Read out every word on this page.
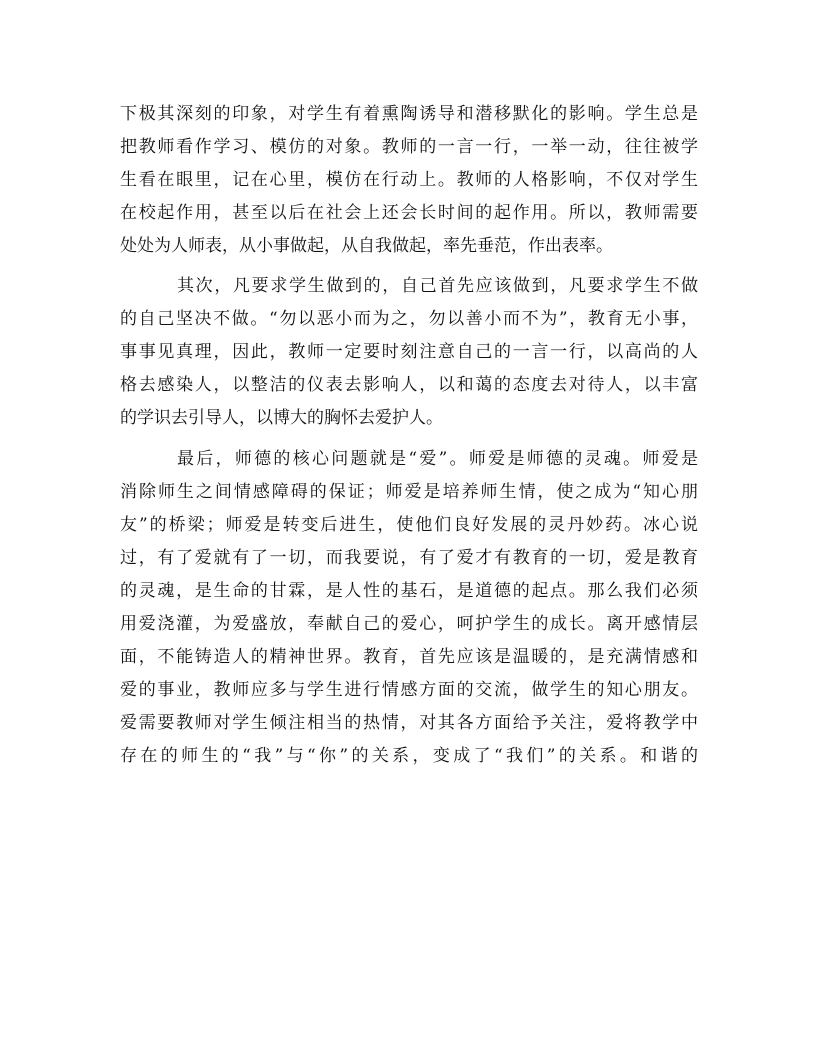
下极其深刻的印象，对学生有着熏陶诱导和潜移默化的影响。学生总是
把教师看作学习、模仿的对象。教师的一言一行，一举一动，往往被学
生看在眼里，记在心里，模仿在行动上。教师的人格影响，不仅对学生
在校起作用，甚至以后在社会上还会长时间的起作用。所以，教师需要
处处为人师表，从小事做起，从自我做起，率先垂范，作出表率。
其次，凡要求学生做到的，自己首先应该做到，凡要求学生不做
的自己坚决不做。“勿以恶小而为之，勿以善小而不为”，教育无小事，
事事见真理，因此，教师一定要时刻注意自己的一言一行，以高尚的人
格去感染人，以整洁的仪表去影响人，以和蔼的态度去对待人，以丰富
的学识去引导人，以博大的胸怀去爱护人。
最后，师德的核心问题就是“爱”。师爱是师德的灵魂。师爱是
消除师生之间情感障碍的保证；师爱是培养师生情，使之成为“知心朋
友”的桥梁；师爱是转变后进生，使他们良好发展的灵丹妙药。冰心说
过，有了爱就有了一切，而我要说，有了爱才有教育的一切，爱是教育
的灵魂，是生命的甘霖，是人性的基石，是道德的起点。那么我们必须
用爱浇灌，为爱盛放，奉献自己的爱心，呵护学生的成长。离开感情层
面，不能铸造人的精神世界。教育，首先应该是温暖的，是充满情感和
爱的事业，教师应多与学生进行情感方面的交流，做学生的知心朋友。
爱需要教师对学生倾注相当的热情，对其各方面给予关注，爱将教学中
存在的师生的“我”与“你”的关系，变成了“我们”的关系。和谐的
